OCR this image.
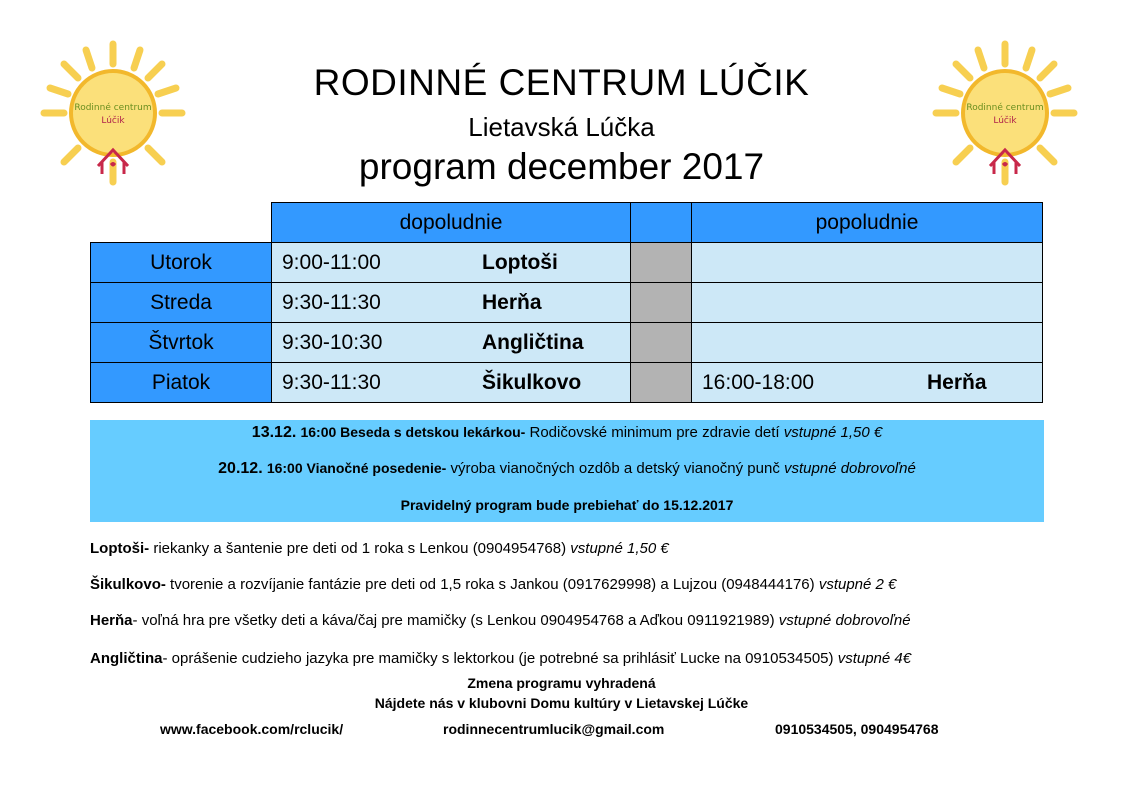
Rodinné centrum
Lúčik
Rodinné centrum
Lúčik
RODINNÉ CENTRUM LÚČIK
Lietavská Lúčka
program december 2017
	dopoludnie		popoludnie
Utorok	9:00-11:00 Loptoši		

Streda	9:30-11:30 Herňa		

Štvrtok	9:30-10:30 Angličtina		

Piatok	9:30-11:30 Šikulkovo		16:00-18:00 Herňa
13.12. 16:00 Beseda s detskou lekárkou- Rodičovské minimum pre zdravie detí vstupné 1,50 €
20.12. 16:00 Vianočné posedenie- výroba vianočných ozdôb a detský vianočný punč vstupné dobrovoľné
Pravidelný program bude prebiehať do 15.12.2017
Loptoši- riekanky a šantenie pre deti od 1 roka s Lenkou (0904954768) vstupné 1,50 €
Šikulkovo- tvorenie a rozvíjanie fantázie pre deti od 1,5 roka s Jankou (0917629998) a Lujzou (0948444176) vstupné 2 €
Herňa- voľná hra pre všetky deti a káva/čaj pre mamičky (s Lenkou 0904954768 a Aďkou 0911921989) vstupné dobrovoľné
Angličtina- oprášenie cudzieho jazyka pre mamičky s lektorkou (je potrebné sa prihlásiť Lucke na 0910534505) vstupné 4€
Zmena programu vyhradená
Nájdete nás v klubovni Domu kultúry v Lietavskej Lúčke
www.facebook.com/rclucik/	rodinnecentrumlucik@gmail.com	0910534505, 0904954768
